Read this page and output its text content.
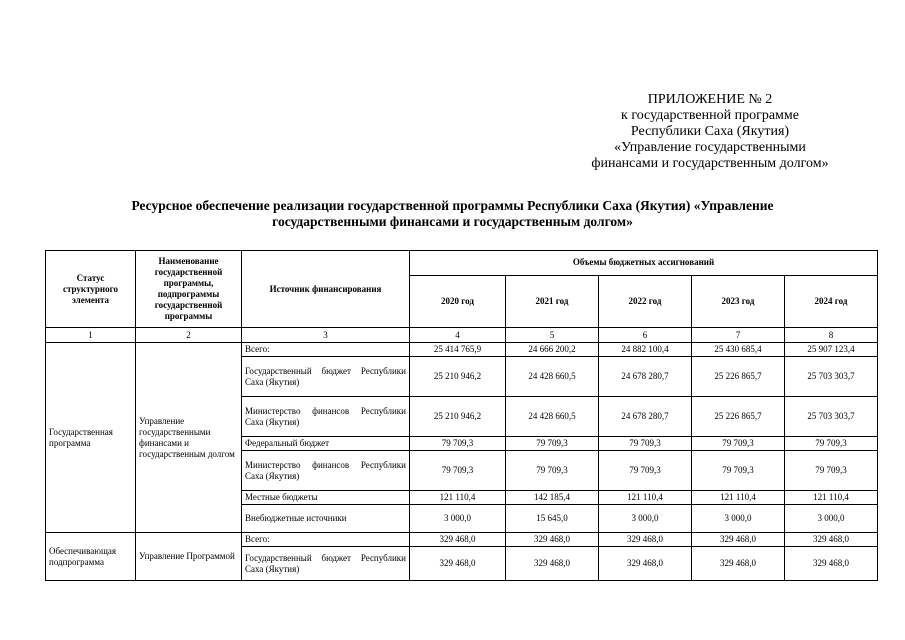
ПРИЛОЖЕНИЕ № 2
к государственной программе
Республики Саха (Якутия)
«Управление государственными
финансами и государственным долгом»
Ресурсное обеспечение реализации государственной программы Республики Саха (Якутия) «Управление
государственными финансами и государственным долгом»
Статус структурного элемента	Наименование государственной программы, подпрограммы государственной программы	Источник финансирования	Объемы бюджетных ассигнований				
			2020 год	2021 год	2022 год	2023 год	2024 год
1	2	3	4	5	6	7	8
Государственная программа	Управление государственными финансами и государственным долгом	Всего:	25 414 765,9	24 666 200,2	24 882 100,4	25 430 685,4	25 907 123,4
		Государственный бюджет Республики Саха (Якутия)	25 210 946,2	24 428 660,5	24 678 280,7	25 226 865,7	25 703 303,7
		Министерство финансов Республики Саха (Якутия)	25 210 946,2	24 428 660,5	24 678 280,7	25 226 865,7	25 703 303,7
		Федеральный бюджет	79 709,3	79 709,3	79 709,3	79 709,3	79 709,3
		Министерство финансов Республики Саха (Якутия)	79 709,3	79 709,3	79 709,3	79 709,3	79 709,3
		Местные бюджеты	121 110,4	142 185,4	121 110,4	121 110,4	121 110,4
		Внебюджетные источники	3 000,0	15 645,0	3 000,0	3 000,0	3 000,0
Обеспечивающая подпрограмма	Управление Программой	Всего:	329 468,0	329 468,0	329 468,0	329 468,0	329 468,0
		Государственный бюджет Республики Саха (Якутия)	329 468,0	329 468,0	329 468,0	329 468,0	329 468,0
